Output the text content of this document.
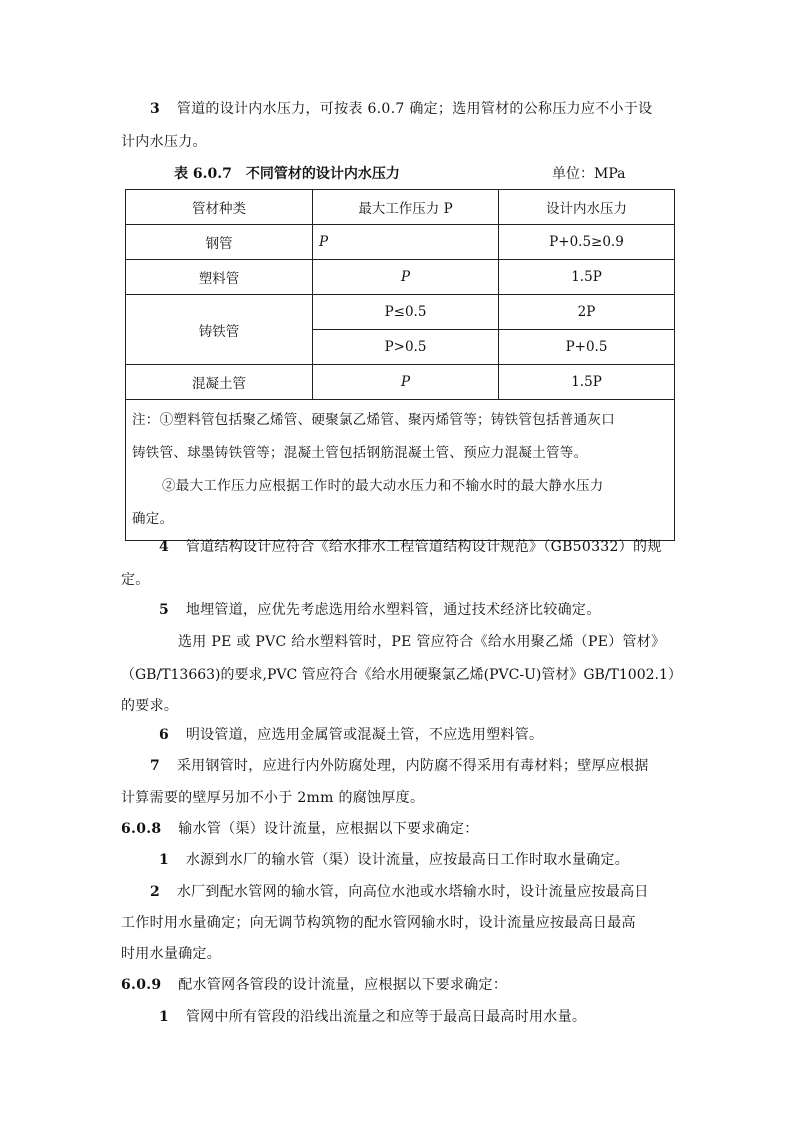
3 管道的设计内水压力，可按表 6.0.7 确定；选用管材的公称压力应不小于设
计内水压力。
表 6.0.7　不同管材的设计内水压力	单位：MPa
管材种类	最大工作压力 P	设计内水压力
钢管	P	P+0.5≥0.9
塑料管	P	1.5P
铸铁管	P≤0.5	2P
	P>0.5	P+0.5
混凝土管	P	1.5P

注：①塑料管包括聚乙烯管、硬聚氯乙烯管、聚丙烯管等；铸铁管包括普通灰口
铸铁管、球墨铸铁管等；混凝土管包括钢筋混凝土管、预应力混凝土管等。
②最大工作压力应根据工作时的最大动水压力和不输水时的最大静水压力
确定。		
4 管道结构设计应符合《给水排水工程管道结构设计规范》（GB50332）的规
定。
5 地埋管道，应优先考虑选用给水塑料管，通过技术经济比较确定。
选用 PE 或 PVC 给水塑料管时，PE 管应符合《给水用聚乙烯（PE）管材》
（GB/T13663)的要求,PVC 管应符合《给水用硬聚氯乙烯(PVC-U)管材》GB/T1002.1）
的要求。
6 明设管道，应选用金属管或混凝土管，不应选用塑料管。
7 采用钢管时，应进行内外防腐处理，内防腐不得采用有毒材料；壁厚应根据
计算需要的壁厚另加不小于 2mm 的腐蚀厚度。
6.0.8 输水管（渠）设计流量，应根据以下要求确定：
1 水源到水厂的输水管（渠）设计流量，应按最高日工作时取水量确定。
2 水厂到配水管网的输水管，向高位水池或水塔输水时，设计流量应按最高日
工作时用水量确定；向无调节构筑物的配水管网输水时，设计流量应按最高日最高
时用水量确定。
6.0.9 配水管网各管段的设计流量，应根据以下要求确定：
1 管网中所有管段的沿线出流量之和应等于最高日最高时用水量。
